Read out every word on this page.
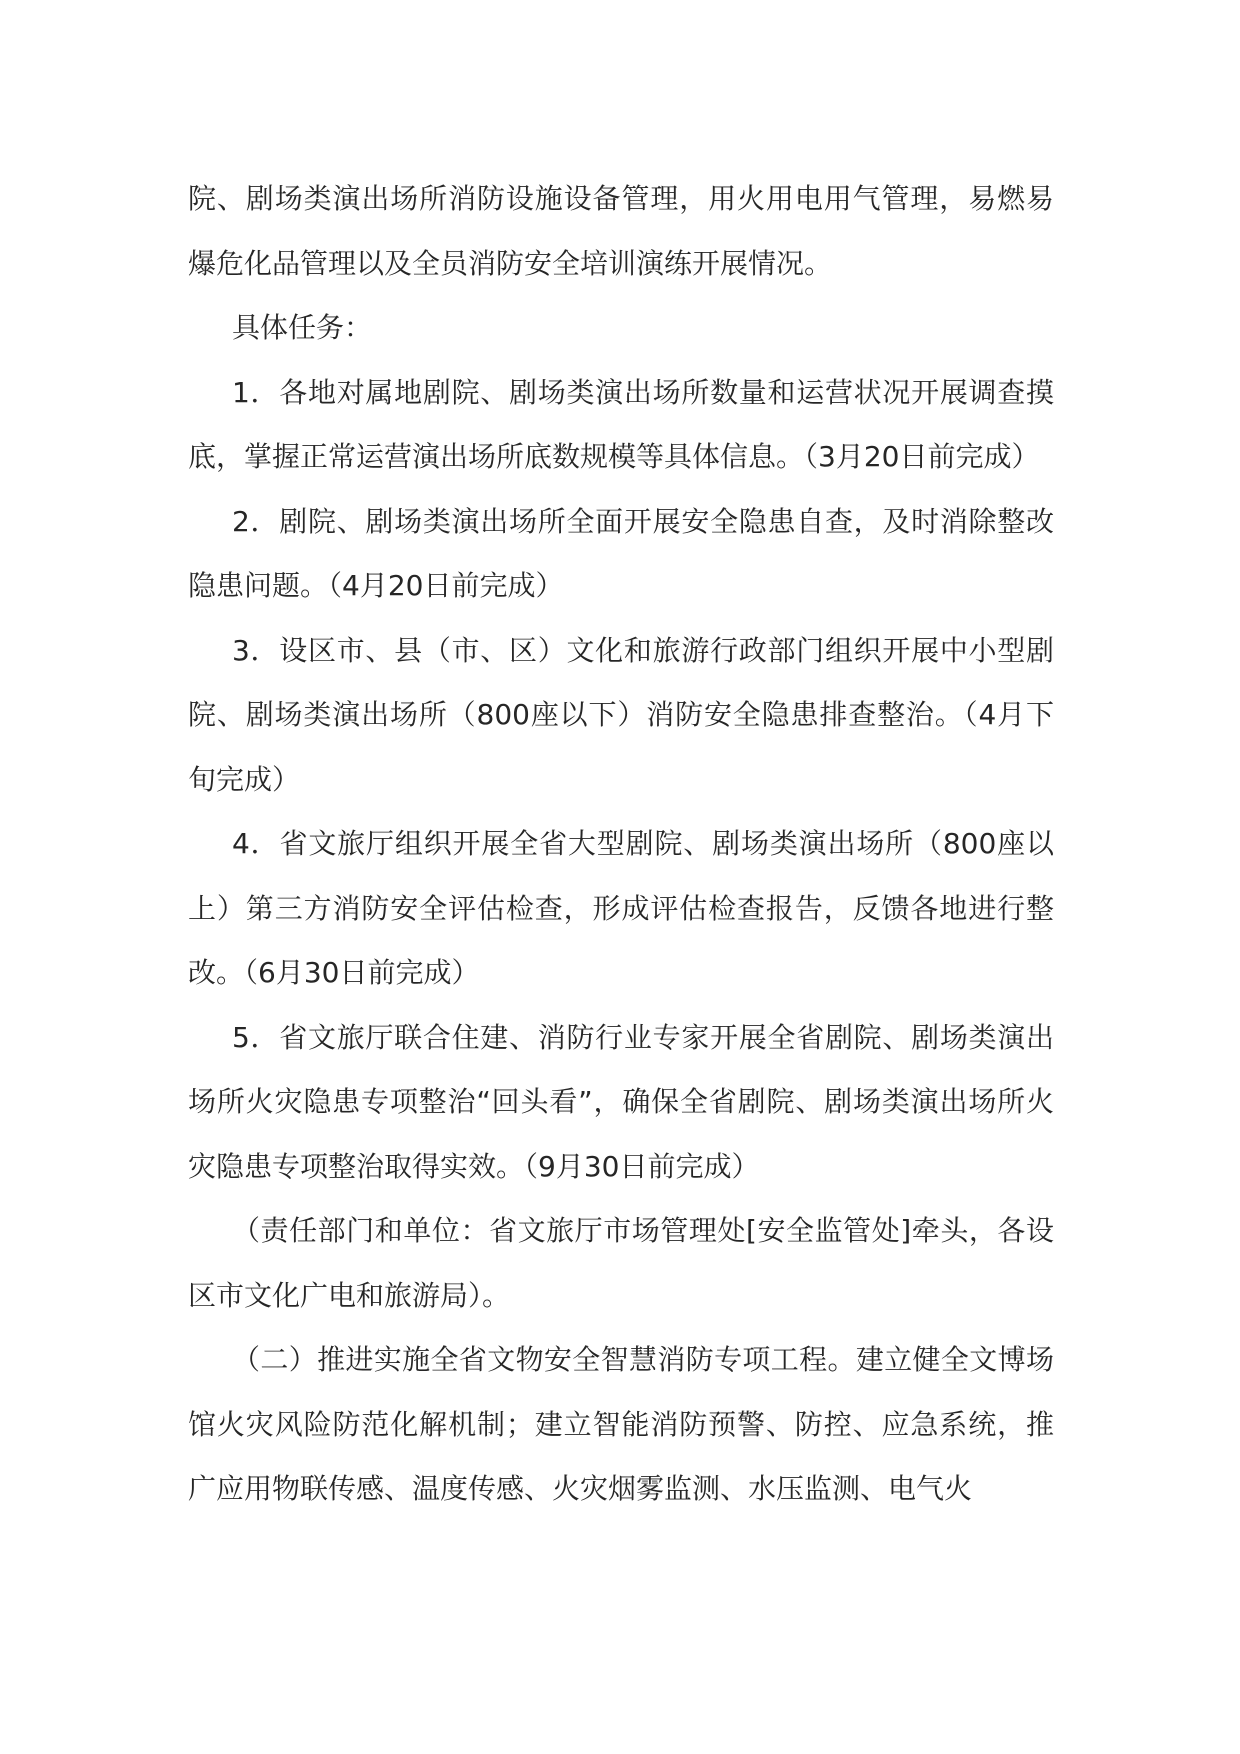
院、剧场类演出场所消防设施设备管理，用火用电用气管理，易燃易爆危化品管理以及全员消防安全培训演练开展情况。

具体任务：

1．各地对属地剧院、剧场类演出场所数量和运营状况开展调查摸底，掌握正常运营演出场所底数规模等具体信息。（3月20日前完成）

2．剧院、剧场类演出场所全面开展安全隐患自查，及时消除整改隐患问题。（4月20日前完成）

3．设区市、县（市、区）文化和旅游行政部门组织开展中小型剧院、剧场类演出场所（800座以下）消防安全隐患排查整治。（4月下旬完成）

4．省文旅厅组织开展全省大型剧院、剧场类演出场所（800座以上）第三方消防安全评估检查，形成评估检查报告，反馈各地进行整改。（6月30日前完成）

5．省文旅厅联合住建、消防行业专家开展全省剧院、剧场类演出场所火灾隐患专项整治“回头看”，确保全省剧院、剧场类演出场所火灾隐患专项整治取得实效。（9月30日前完成）

（责任部门和单位：省文旅厅市场管理处[安全监管处]牵头，各设区市文化广电和旅游局）。

（二）推进实施全省文物安全智慧消防专项工程。建立健全文博场馆火灾风险防范化解机制；建立智能消防预警、防控、应急系统，推广应用物联传感、温度传感、火灾烟雾监测、水压监测、电气火
